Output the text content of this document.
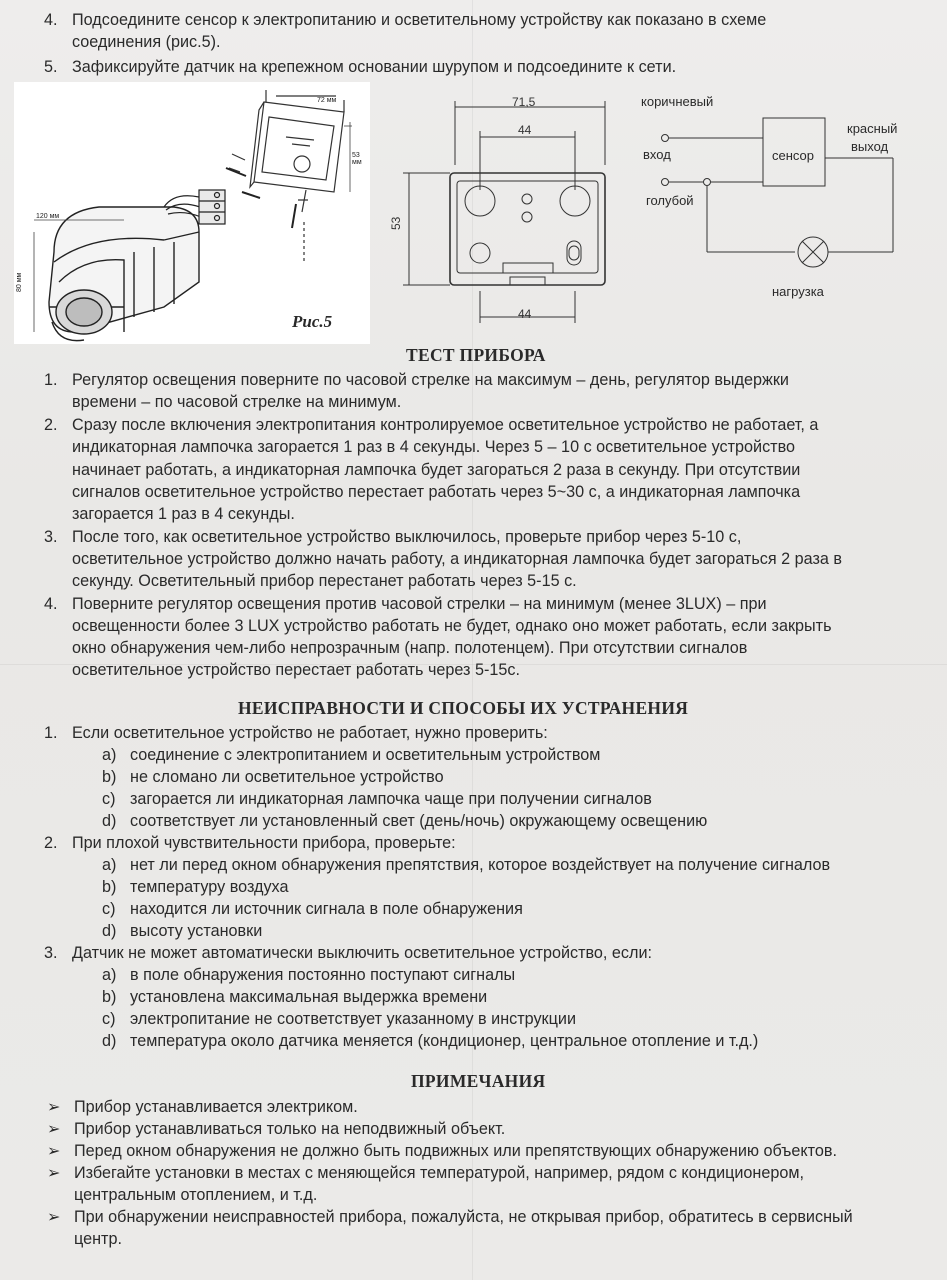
4. Подсоедините сенсор к электропитанию и осветительному устройству как показано в схеме
соединения (рис.5).
5. Зафиксируйте датчик на крепежном основании шурупом и подсоедините к сети.
72 мм
53 мм
120 мм
80 мм
Рис.5
71,5
44
53
44
коричневый
вход
голубой
сенсор
красный
выход
нагрузка
ТЕСТ ПРИБОРА
1. Регулятор освещения поверните по часовой стрелке на максимум – день, регулятор выдержки
времени – по часовой стрелке на минимум.
2. Сразу после включения электропитания контролируемое осветительное устройство не работает, а
индикаторная лампочка загорается 1 раз в 4 секунды. Через 5 – 10 с осветительное устройство
начинает работать, а индикаторная лампочка будет загораться 2 раза в секунду. При отсутствии
сигналов осветительное устройство перестает работать через 5~30 с, а индикаторная лампочка
загорается 1 раз в 4 секунды.
3. После того, как осветительное устройство выключилось, проверьте прибор через 5-10 с,
осветительное устройство должно начать работу, а индикаторная лампочка будет загораться 2 раза в
секунду. Осветительный прибор перестанет работать через 5-15 с.
4. Поверните регулятор освещения против часовой стрелки – на минимум (менее 3LUX) – при
освещенности более 3 LUX устройство работать не будет, однако оно может работать, если закрыть
окно обнаружения чем-либо непрозрачным (напр. полотенцем). При отсутствии сигналов
осветительное устройство перестает работать через 5-15с.
НЕИСПРАВНОСТИ И СПОСОБЫ ИХ УСТРАНЕНИЯ
1. Если осветительное устройство не работает, нужно проверить:
a) соединение с электропитанием и осветительным устройством
b) не сломано ли осветительное устройство
c) загорается ли индикаторная лампочка чаще при получении сигналов
d) соответствует ли установленный свет (день/ночь) окружающему освещению
2. При плохой чувствительности прибора, проверьте:
a) нет ли перед окном обнаружения препятствия, которое воздействует на получение сигналов
b) температуру воздуха
c) находится ли источник сигнала в поле обнаружения
d) высоту установки
3. Датчик не может автоматически выключить осветительное устройство, если:
a) в поле обнаружения постоянно поступают сигналы
b) установлена максимальная выдержка времени
c) электропитание не соответствует указанному в инструкции
d) температура около датчика меняется (кондиционер, центральное отопление и т.д.)
ПРИМЕЧАНИЯ
➢ Прибор устанавливается электриком.
➢ Прибор устанавливаться только на неподвижный объект.
➢ Перед окном обнаружения не должно быть подвижных или препятствующих обнаружению объектов.
➢ Избегайте установки в местах с меняющейся температурой, например, рядом с кондиционером,
центральным отоплением, и т.д.
➢ При обнаружении неисправностей прибора, пожалуйста, не открывая прибор, обратитесь в сервисный
центр.
